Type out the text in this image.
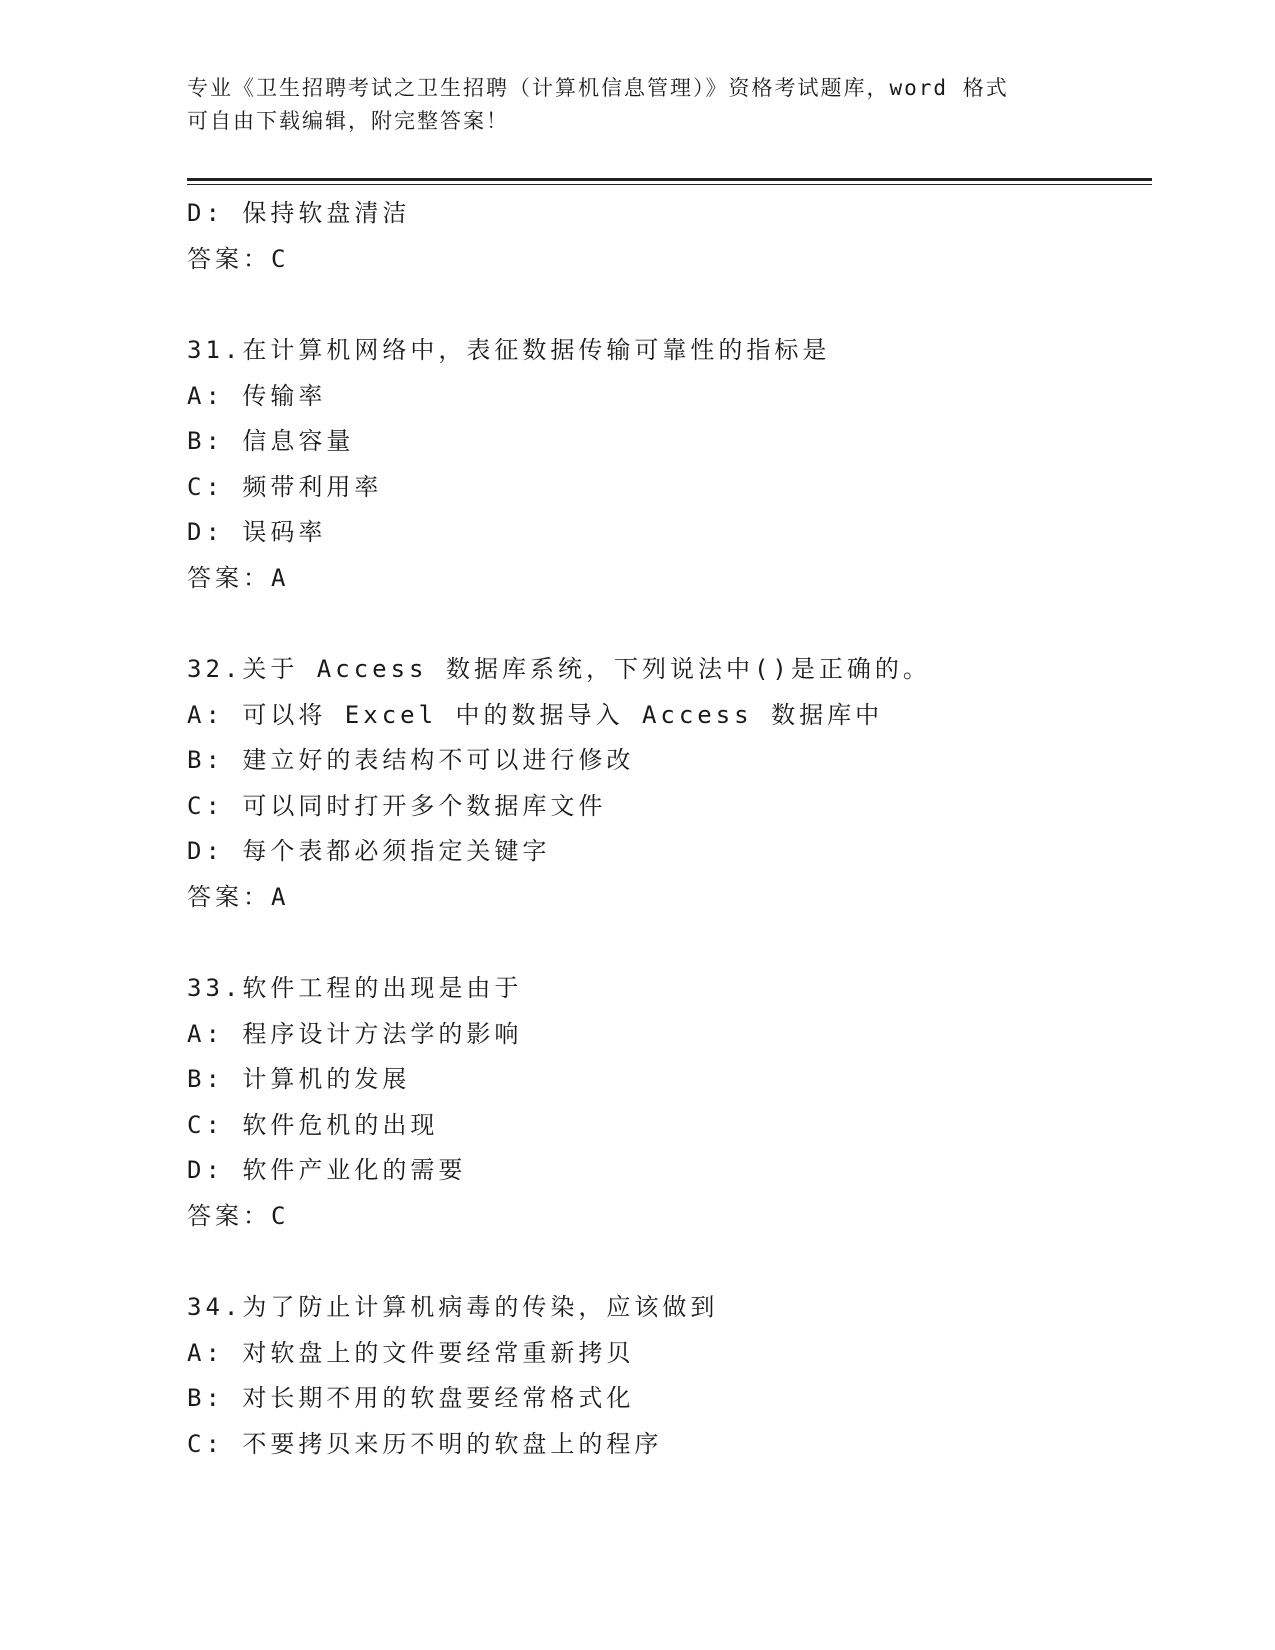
专业《卫生招聘考试之卫生招聘（计算机信息管理）》资格考试题库，word 格式
可自由下载编辑，附完整答案！
D: 保持软盘清洁
答案：C
31.在计算机网络中，表征数据传输可靠性的指标是
A: 传输率
B: 信息容量
C: 频带利用率
D: 误码率
答案：A
32.关于 Access 数据库系统，下列说法中()是正确的。
A: 可以将 Excel 中的数据导入 Access 数据库中
B: 建立好的表结构不可以进行修改
C: 可以同时打开多个数据库文件
D: 每个表都必须指定关键字
答案：A
33.软件工程的出现是由于
A: 程序设计方法学的影响
B: 计算机的发展
C: 软件危机的出现
D: 软件产业化的需要
答案：C
34.为了防止计算机病毒的传染，应该做到
A: 对软盘上的文件要经常重新拷贝
B: 对长期不用的软盘要经常格式化
C: 不要拷贝来历不明的软盘上的程序
